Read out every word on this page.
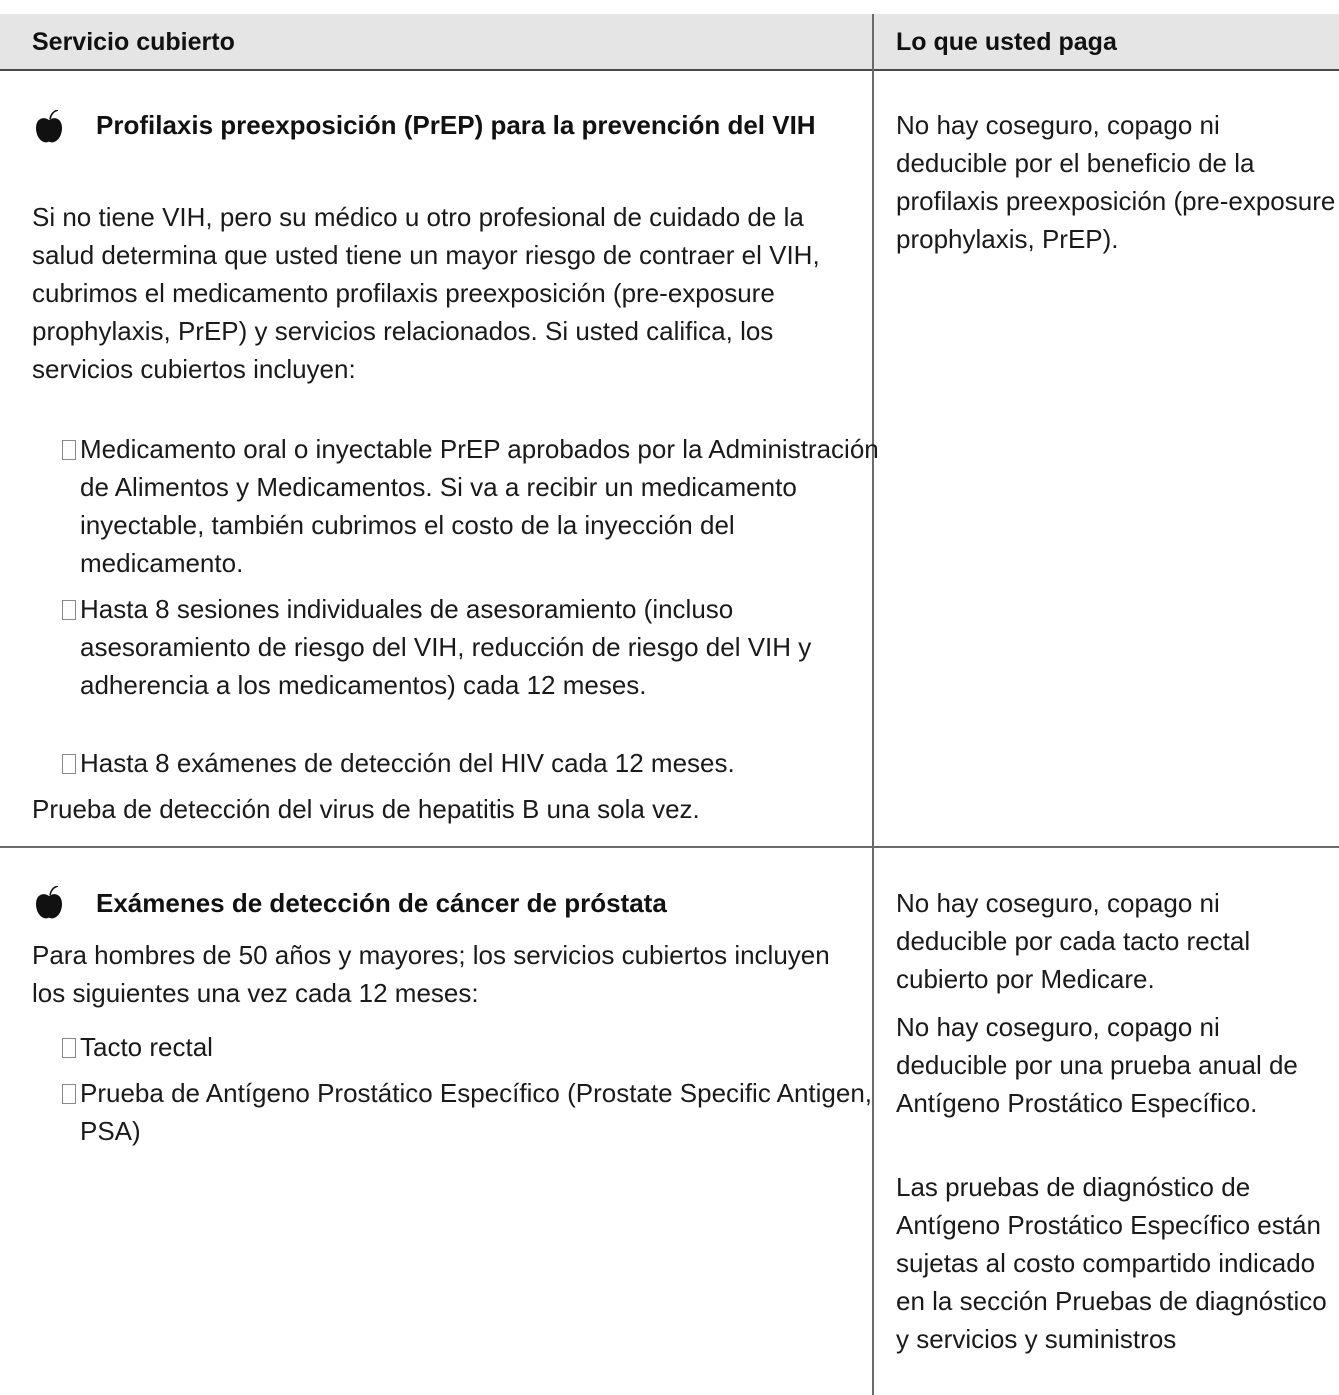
Servicio cubierto	Lo que usted paga

Profilaxis preexposición (PrEP) para la prevención del VIH

Si no tiene VIH, pero su médico u otro profesional de cuidado de la salud determina que usted tiene un mayor riesgo de contraer el VIH, cubrimos el medicamento profilaxis preexposición (pre-exposure prophylaxis, PrEP) y servicios relacionados. Si usted califica, los servicios cubiertos incluyen:

Medicamento oral o inyectable PrEP aprobados por la Administración de Alimentos y Medicamentos. Si va a recibir un medicamento inyectable, también cubrimos el costo de la inyección del medicamento.

Hasta 8 sesiones individuales de asesoramiento (incluso asesoramiento de riesgo del VIH, reducción de riesgo del VIH y adherencia a los medicamentos) cada 12 meses.

Hasta 8 exámenes de detección del HIV cada 12 meses.

Prueba de detección del virus de hepatitis B una sola vez.

No hay coseguro, copago ni deducible por el beneficio de la profilaxis preexposición (pre-exposure prophylaxis, PrEP).

Exámenes de detección de cáncer de próstata

Para hombres de 50 años y mayores; los servicios cubiertos incluyen los siguientes una vez cada 12 meses:

Tacto rectal

Prueba de Antígeno Prostático Específico (Prostate Specific Antigen, PSA)

No hay coseguro, copago ni deducible por cada tacto rectal cubierto por Medicare.

No hay coseguro, copago ni deducible por una prueba anual de Antígeno Prostático Específico.

Las pruebas de diagnóstico de Antígeno Prostático Específico están sujetas al costo compartido indicado en la sección Pruebas de diagnóstico y servicios y suministros
